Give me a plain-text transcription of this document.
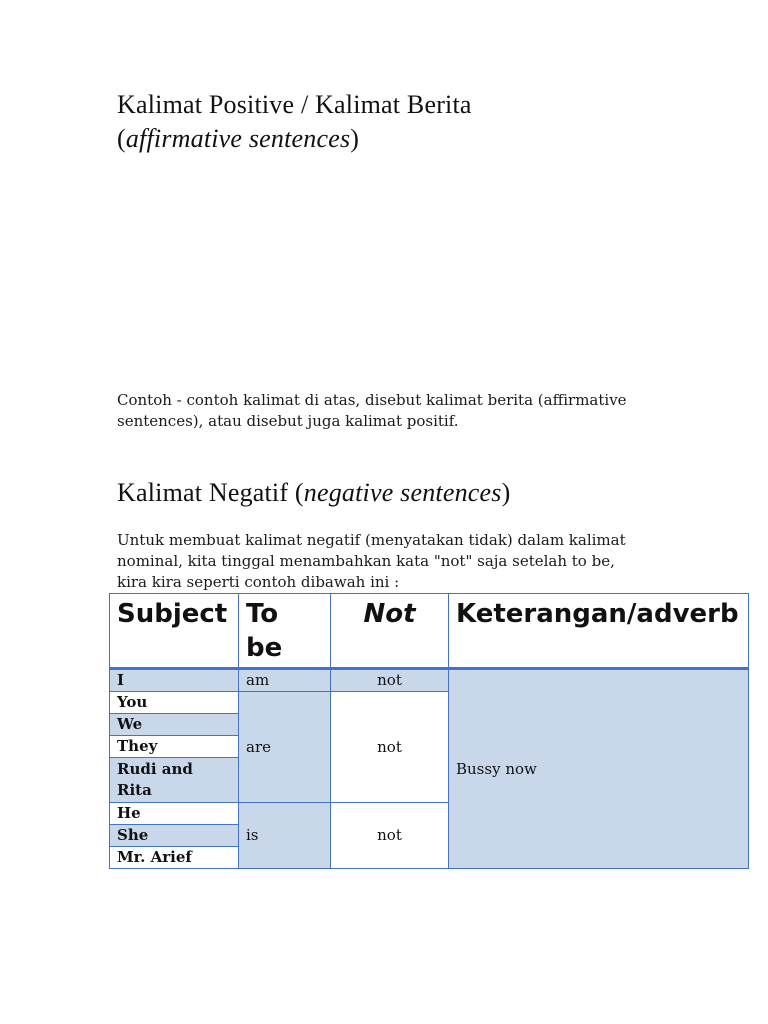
Kalimat Positive / Kalimat Berita
(affirmative sentences)

Contoh - contoh kalimat di atas, disebut kalimat berita (affirmative sentences), atau disebut juga kalimat positif.

Kalimat Negatif (negative sentences)

Untuk membuat kalimat negatif (menyatakan tidak) dalam kalimat nominal, kita tinggal menambahkan kata "not" saja setelah to be, kira kira seperti contoh dibawah ini :

Subject	To be	Not	Keterangan/adverb
I	am	not	Bussy now
You	are	not	
We			
They			
Rudi and Rita			
He	is	not	
She			
Mr. Arief			
